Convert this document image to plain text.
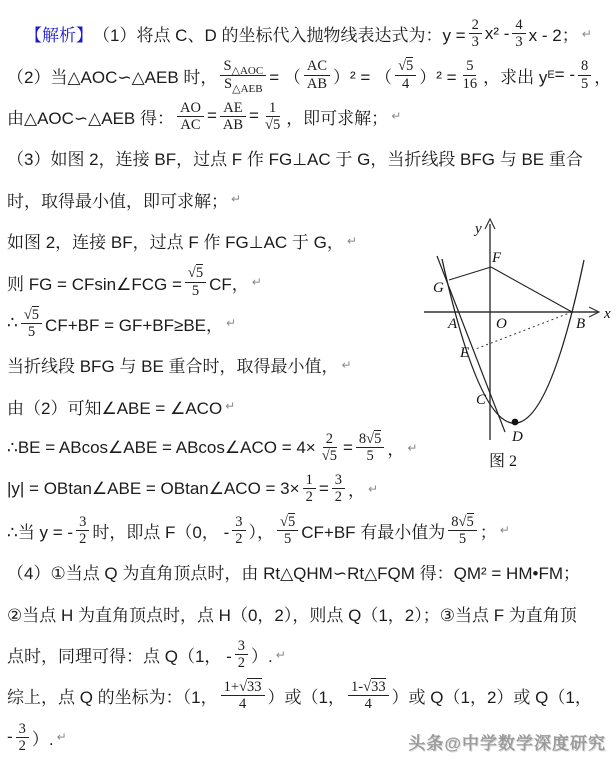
【解析】 （1）将点 C、D 的坐标代入抛物线表达式为：$y = \frac{2}{3} x^2 - \frac{4}{3}$ x - 2； ↵
（2）当△AOC∽△AEB 时， $\frac{S_{\triangle AOC}}{S_{\triangle AEB}}$ = （ $\frac{AC}{AB} )^2$ = （ $\frac{√5}{4} )^2 = \frac{5}{16}$ ，求出 y E = - $\frac{8}{5}$ ，
由△AOC∽△AEB 得： $\frac{AO}{AC} = \frac{AE}{AB} = \frac{1}{√5}$ ，即可求解； ↵
（3）如图 2，连接 BF，过点 F 作 FG⊥AC 于 G，当折线段 BFG 与 BE 重合
时，取得最小值，即可求解； ↵
如图 2，连接 BF，过点 F 作 FG⊥AC 于 G， ↵
则 FG = CFsin∠FCG = $\frac{√5}{5}$ CF， ↵
∴ $\frac{√5}{5} CF+BF = GF+BF\ge BE$， ↵
当折线段 BFG 与 BE 重合时，取得最小值， ↵
由（2）可知∠ABE = ∠ACO ↵
∴BE = ABcos∠ABE = ABcos∠ACO = $4\times \frac{2}{√5} = \frac{8√5}{5}$ ， ↵
|y| = OBtan∠ABE = OBtan∠ACO = $3\times \frac{1}{2} = \frac{3}{2}$ ， ↵
∴当 y = - $\frac{3}{2}$ 时，即点 F（0， - $\frac{3}{2}$ ）， $\frac{√5}{5} CF+BF$ 有最小值为 $\frac{8√5}{5}$ ； ↵
（4）①当点 Q 为直角顶点时，由 Rt△QHM∽Rt△FQM 得：QM² = HM•FM；
②当点 H 为直角顶点时，点 H（0，2），则点 Q（1，2）；③当点 F 为直角顶
点时，同理可得：点 Q（1， - $\frac{3}{2}$ ）. ↵
综上，点 Q 的坐标为：（1， $\frac{1+√33}{4}$ ）或（1， $\frac{1-√33}{4}$ ）或 Q（1，2）或 Q（1，
- $\frac{3}{2}$ ）. ↵
y
x
F
G
A	O	B
E
C
D
图 2
头条@中学数学深度研究
